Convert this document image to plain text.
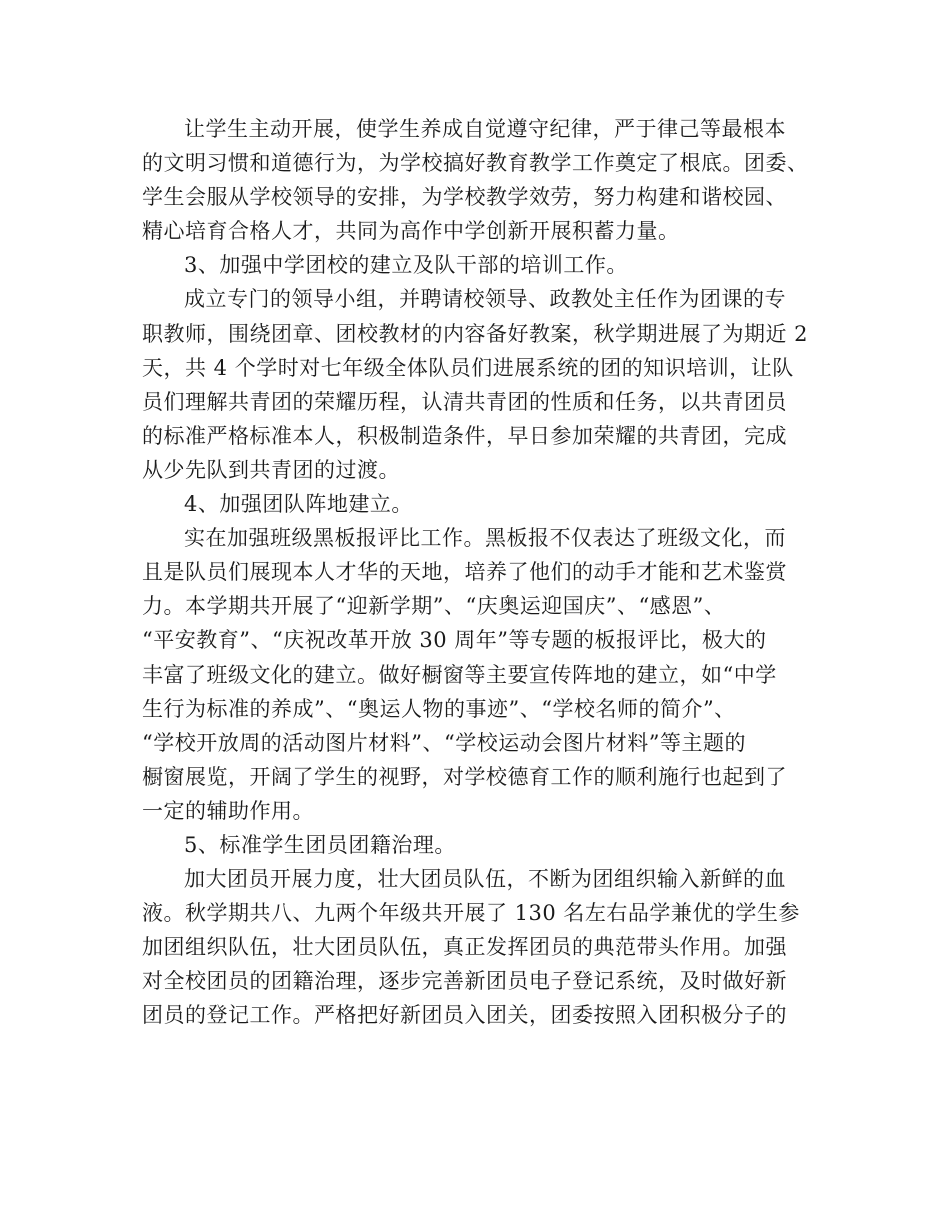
让学生主动开展，使学生养成自觉遵守纪律，严于律己等最根本
的文明习惯和道德行为，为学校搞好教育教学工作奠定了根底。团委、
学生会服从学校领导的安排，为学校教学效劳，努力构建和谐校园、
精心培育合格人才，共同为高作中学创新开展积蓄力量。
3、加强中学团校的建立及队干部的培训工作。
成立专门的领导小组，并聘请校领导、政教处主任作为团课的专
职教师，围绕团章、团校教材的内容备好教案，秋学期进展了为期近 2
天，共 4 个学时对七年级全体队员们进展系统的团的知识培训，让队
员们理解共青团的荣耀历程，认清共青团的性质和任务，以共青团员
的标准严格标准本人，积极制造条件，早日参加荣耀的共青团，完成
从少先队到共青团的过渡。
4、加强团队阵地建立。
实在加强班级黑板报评比工作。黑板报不仅表达了班级文化，而
且是队员们展现本人才华的天地，培养了他们的动手才能和艺术鉴赏
力。本学期共开展了“迎新学期”、“庆奥运迎国庆”、“感恩”、
“平安教育”、“庆祝改革开放 30 周年”等专题的板报评比，极大的
丰富了班级文化的建立。做好橱窗等主要宣传阵地的建立，如“中学
生行为标准的养成”、“奥运人物的事迹”、“学校名师的简介”、
“学校开放周的活动图片材料”、“学校运动会图片材料”等主题的
橱窗展览，开阔了学生的视野，对学校德育工作的顺利施行也起到了
一定的辅助作用。
5、标准学生团员团籍治理。
加大团员开展力度，壮大团员队伍，不断为团组织输入新鲜的血
液。秋学期共八、九两个年级共开展了 130 名左右品学兼优的学生参
加团组织队伍，壮大团员队伍，真正发挥团员的典范带头作用。加强
对全校团员的团籍治理，逐步完善新团员电子登记系统，及时做好新
团员的登记工作。严格把好新团员入团关，团委按照入团积极分子的
